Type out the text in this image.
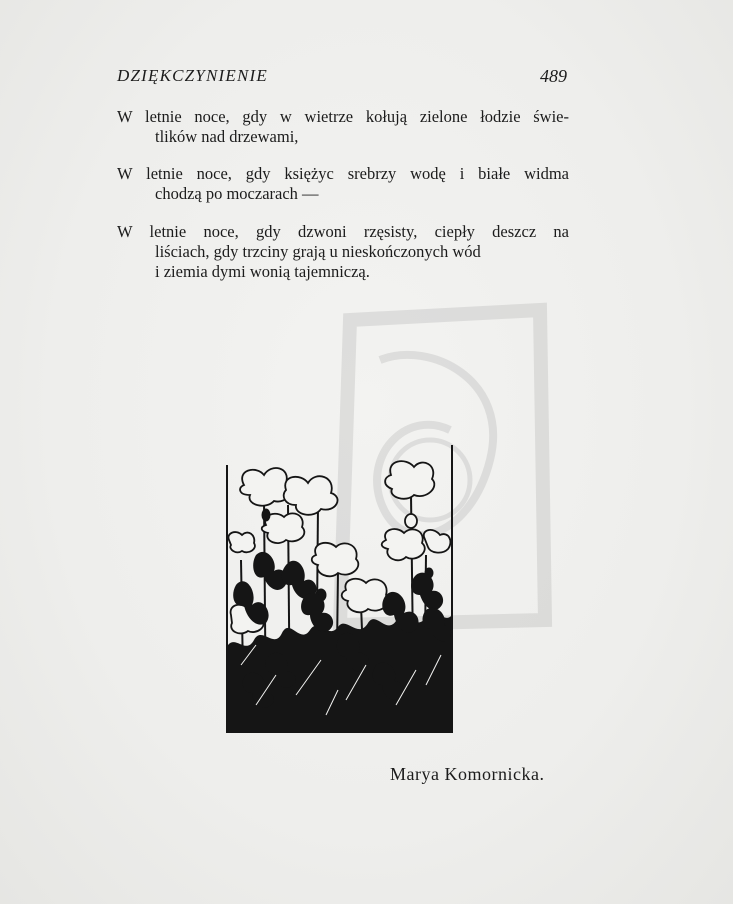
DZIĘKCZYNIENIE	489
W letnie noce, gdy w wietrze kołują zielone łodzie świe-
tlików nad drzewami,
W letnie noce, gdy księżyc srebrzy wodę i białe widma
chodzą po moczarach —
W letnie noce, gdy dzwoni rzęsisty, ciepły deszcz na
liściach, gdy trzciny grają u nieskończonych wód
i ziemia dymi wonią tajemniczą.
Marya Komornicka.
